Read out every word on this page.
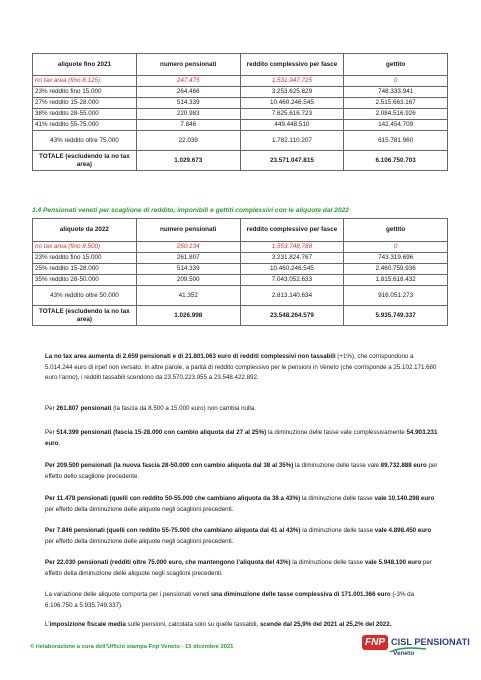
aliquote fino 2021	numero pensionati	reddito complessivo per fasce	gettito
no tax area (fino 8.125)	247.475	1.531.947.725	0
23% reddito fino 15.000	264.466	3.253.625.829	748.333.941
27% reddito 15-28.000	514.339	10.460.246.545	2.515.663.167
38% reddito 28-55.000	220.983	7.625.616.723	2.084.516.926
41% reddito 55-75.000	7.846	449.448.510	142.454.709
43% reddito oltre 75.000	22.039	1.782.110.207	615.781.960
TOTALE (escludendo la no tax area)	1.029.673	23.571.047.815	6.106.750.703
1.4 Pensionati veneti per scaglione di reddito, imponibili e gettiti complessivi con le aliquote dal 2022
aliquote da 2022	numero pensionati	reddito complessivo per fasce	gettito
no tax area (fino 8.500)	250.134	1.553.748.788	0
23% reddito fino 15.000	261.807	3.231.824.767	743.319.696
25% reddito 15-28.000	514.339	10.460.246.545	2.460.759.936
35% reddito 28-50.000	209.500	7.043.052.633	1.815.618.432
43% reddito oltre 50.000	41.352	2.813.140.634	916.051.273
TOTALE (escludendo la no tax area)	1.026.998	23.548.264.579	5.935.749.337

La no tax area aumenta di 2.659 pensionati e di 21.801.063 euro di redditi complessivi non tassabili (+1%), che corrispondono a 5.014.244 euro di irpef non versato. In altre parole, a parità di reddito complessivo per le pensioni in Veneto (che corrisponde a 25.102.171.680 euro l’anno), i redditi tassabili scendono da 23.570.223.955 a 23.548.422.892.

Per 261.807 pensionati (la fascia da 8.500 a 15.000 euro) non cambia nulla.

Per 514.399 pensionati (fascia 15-28.000 con cambio aliquota dal 27 al 25%) la diminuzione delle tasse vale complessivamente 54.903.231 euro.

Per 209.500 pensionati (la nuova fascia 28-50.000 con cambio aliquota dal 38 al 35%) la diminuzione delle tasse vale 89.732.888 euro per effetto dello scaglione precedente.

Per 11.478 pensionati (quelli con reddito 50-55.000 che cambiano aliquota da 38 a 43%) la diminuzione delle tasse vale 10.140.298 euro per effetto della diminuzione delle aliquote negli scaglioni precedenti.

Per 7.846 pensionati (quelli con reddito 55-75.000 che cambiano aliquota dal 41 al 43%) la diminuzione delle tasse vale 4.898.450 euro per effetto della diminuzione delle aliquote negli scaglioni precedenti.

Per 22.030 pensionati (redditi oltre 75.000 euro, che mantengono l’aliquota del 43%) la diminuzione delle tasse vale 5.948.100 euro per effetto della diminuzione delle aliquote negli scaglioni precedenti.

La variazione delle aliquote comporta per i pensionati veneti una diminuzione delle tasse complessiva di 171.001.366 euro (-3% da 6.106.750 a 5.935.749.337).

L’imposizione fiscale media sulle pensioni, calcolata solo su quelle tassabili, scende dal 25,9% del 2021 al 25,2% del 2022.

© rielaborazione a cura dell’Ufficio stampa Fnp Veneto - 15 dicembre 2021	FNP CISL PENSIONATI
Veneto
